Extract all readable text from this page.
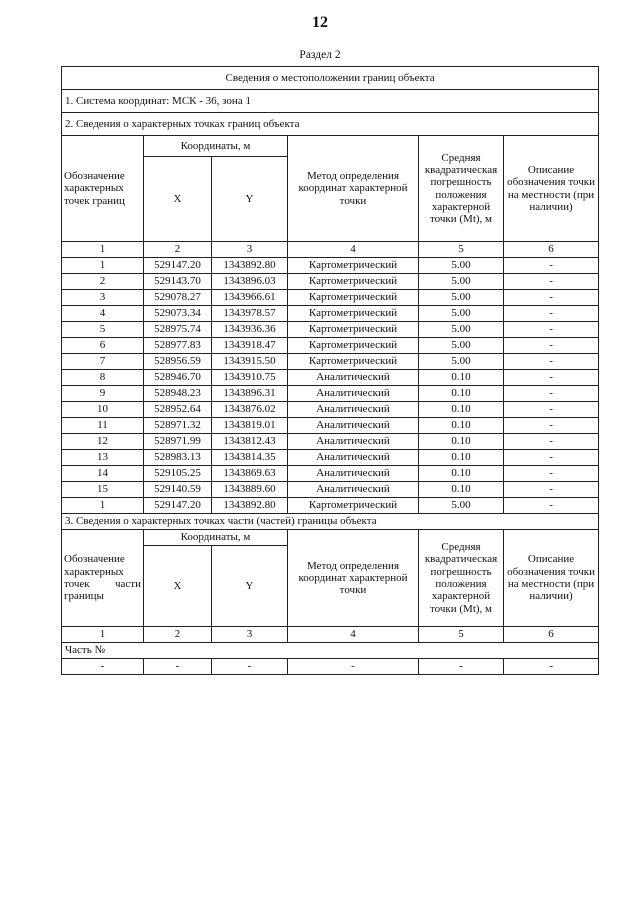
12
Раздел 2
Сведения о местоположении границ объекта					
1. Система координат: МСК - 36, зона 1					
2. Сведения о характерных точках границ объекта					
Обозначение характерных точек границ	Координаты, м		Метод определения координат характерной точки	Средняя квадратическая погрешность положения характерной точки (Mt), м	Описание обозначения точки на местности (при наличии)
	X	Y			
1	2	3	4	5	6
1	529147.20	1343892.80	Картометрический	5.00	-
2	529143.70	1343896.03	Картометрический	5.00	-
3	529078.27	1343966.61	Картометрический	5.00	-
4	529073.34	1343978.57	Картометрический	5.00	-
5	528975.74	1343936.36	Картометрический	5.00	-
6	528977.83	1343918.47	Картометрический	5.00	-
7	528956.59	1343915.50	Картометрический	5.00	-
8	528946.70	1343910.75	Аналитический	0.10	-
9	528948.23	1343896.31	Аналитический	0.10	-
10	528952.64	1343876.02	Аналитический	0.10	-
11	528971.32	1343819.01	Аналитический	0.10	-
12	528971.99	1343812.43	Аналитический	0.10	-
13	528983.13	1343814.35	Аналитический	0.10	-
14	529105.25	1343869.63	Аналитический	0.10	-
15	529140.59	1343889.60	Аналитический	0.10	-
1	529147.20	1343892.80	Картометрический	5.00	-
3. Сведения о характерных точках части (частей) границы объекта					
Обозначение характерных точек части границы	Координаты, м		Метод определения координат характерной точки	Средняя квадратическая погрешность положения характерной точки (Mt), м	Описание обозначения точки на местности (при наличии)
	X	Y			
1	2	3	4	5	6
Часть №					
-	-	-	-	-	-
